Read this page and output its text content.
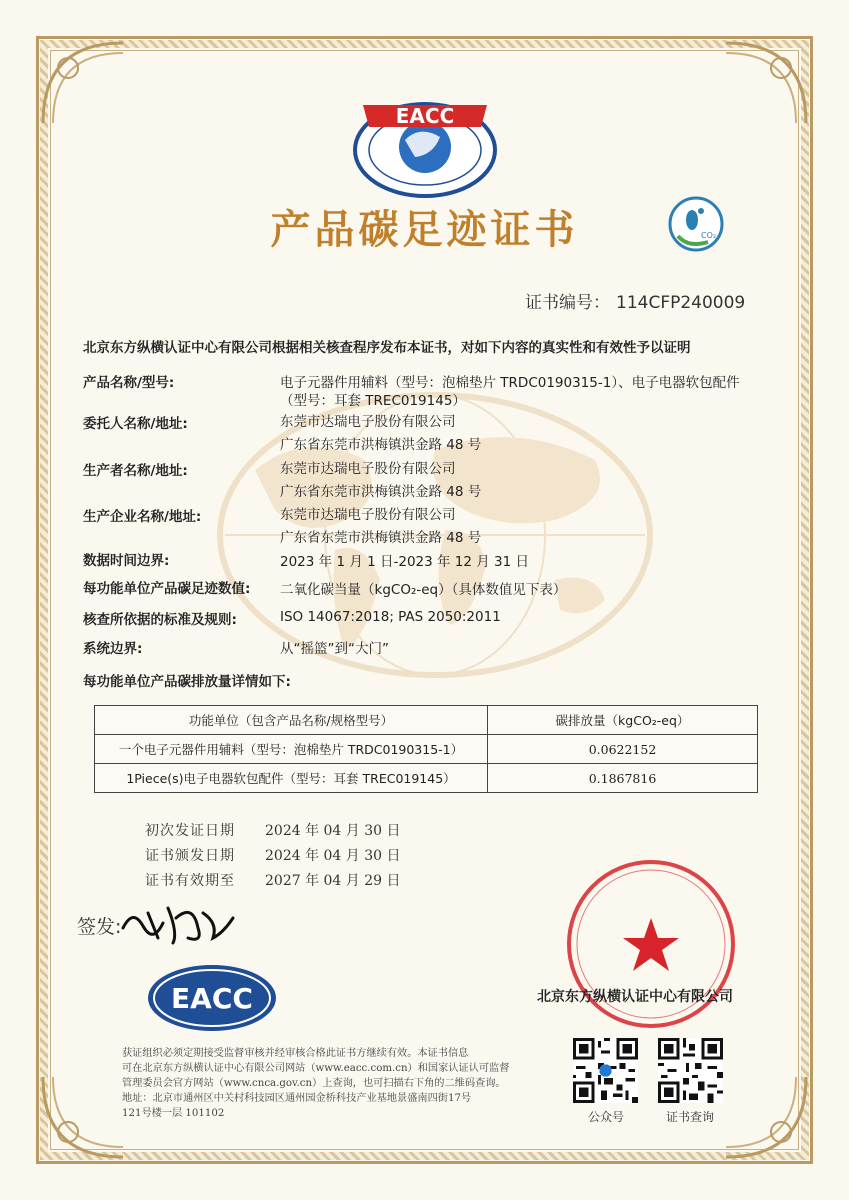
EACC
产品碳足迹证书	CO₂
证书编号： 114CFP240009
北京东方纵横认证中心有限公司根据相关核查程序发布本证书，对如下内容的真实性和有效性予以证明
产品名称/型号:	电子元器件用辅料（型号：泡棉垫片 TRDC0190315-1）、电子电器软包配件
（型号：耳套 TREC019145）
委托人名称/地址:	东莞市达瑞电子股份有限公司
广东省东莞市洪梅镇洪金路 48 号
生产者名称/地址:	东莞市达瑞电子股份有限公司
广东省东莞市洪梅镇洪金路 48 号
生产企业名称/地址:	东莞市达瑞电子股份有限公司
广东省东莞市洪梅镇洪金路 48 号
数据时间边界:	2023 年 1 月 1 日-2023 年 12 月 31 日
每功能单位产品碳足迹数值: 二氧化碳当量（kgCO₂-eq）（具体数值见下表）
核查所依据的标准及规则:	ISO 14067:2018; PAS 2050:2011
系统边界:	从“摇篮”到“大门”
每功能单位产品碳排放量详情如下:
功能单位（包含产品名称/规格型号）	碳排放量（kgCO₂-eq）
一个电子元器件用辅料（型号：泡棉垫片 TRDC0190315-1）	0.0622152
1Piece(s)电子电器软包配件（型号：耳套 TREC019145）	0.1867816
初次发证日期 2024 年 04 月 30 日
证书颁发日期 2024 年 04 月 30 日
证书有效期至 2027 年 04 月 29 日
签发:
EACC	北京东方纵横认证中心有限公司
获证组织必须定期接受监督审核并经审核合格此证书方继续有效。本证书信息
可在北京东方纵横认证中心有限公司网站（www.eacc.com.cn）和国家认证认可监督
管理委员会官方网站（www.cnca.gov.cn）上查询，也可扫描右下角的二维码查询。
地址：北京市通州区中关村科技园区通州园金桥科技产业基地景盛南四街17号
121号楼一层 101102	公众号	证书查询
